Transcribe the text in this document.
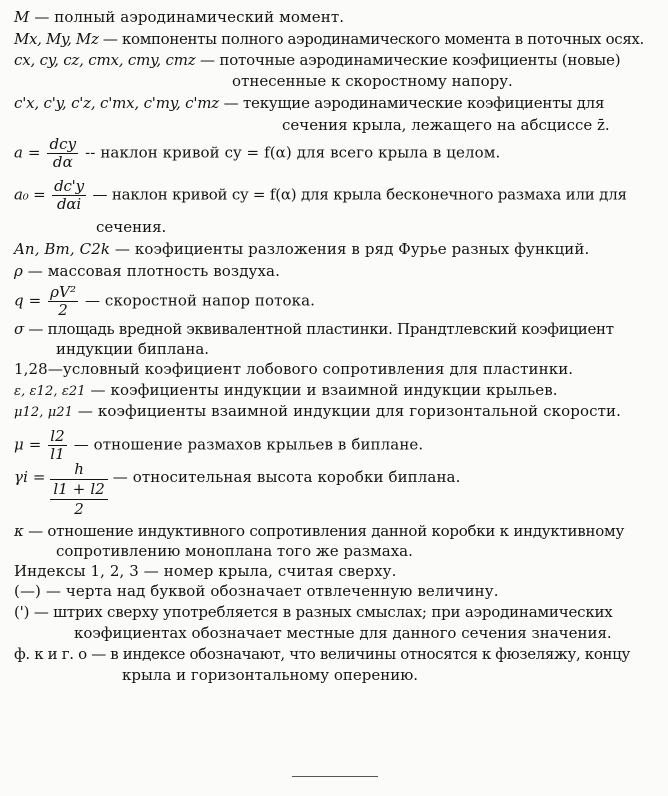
M — полный аэродинамический момент.
Mx, My, Mz — компоненты полного аэродинамического момента в поточных осях.
cx, cy, cz, cmx, cmy, cmz — поточные аэродинамические коэфициенты (новые)
отнесенные к скоростному напору.
c'x, c'y, c'z, c'mx, c'my, c'mz — текущие аэродинамические коэфициенты для
сечения крыла, лежащего на абсциссе z̄.
$a = \frac{\text{dcy}}{d\alpha}$ -- наклон кривой cy = f(α) для всего крыла в целом.
$a_0 = \frac{dc'y}{\text{dαi}}$ — наклон кривой cy = f(α) для крыла бесконечного размаха или для
сечения.
An, Bm, C2k — коэфициенты разложения в ряд Фурье разных функций.
ρ — массовая плотность воздуха.
$q = \frac{\text{ρV²}}{2}$ — скоростной напор потока.
σ — площадь вредной эквивалентной пластинки. Прандтлевский коэфициент
индукции биплана.
1,28—условный коэфициент лобового сопротивления для пластинки.
ε, ε12, ε21 — коэфициенты индукции и взаимной индукции крыльев.
μ12, μ21 — коэфициенты взаимной индукции для горизонтальной скорости.
$\mu = \frac{l2}{l1}$ — отношение размахов крыльев в биплане.
γi =	h
l1 + l2
2
— относительная высота коробки биплана.
κ — отношение индуктивного сопротивления данной коробки к индуктивному
сопротивлению моноплана того же размаха.
Индексы 1, 2, 3 — номер крыла, считая сверху.
(—) — черта над буквой обозначает отвлеченную величину.
(') — штрих сверху употребляется в разных смыслах; при аэродинамических
коэфициентах обозначает местные для данного сечения значения.
ф. к и г. о — в индексе обозначают, что величины относятся к фюзеляжу, концу
крыла и горизонтальному оперению.
